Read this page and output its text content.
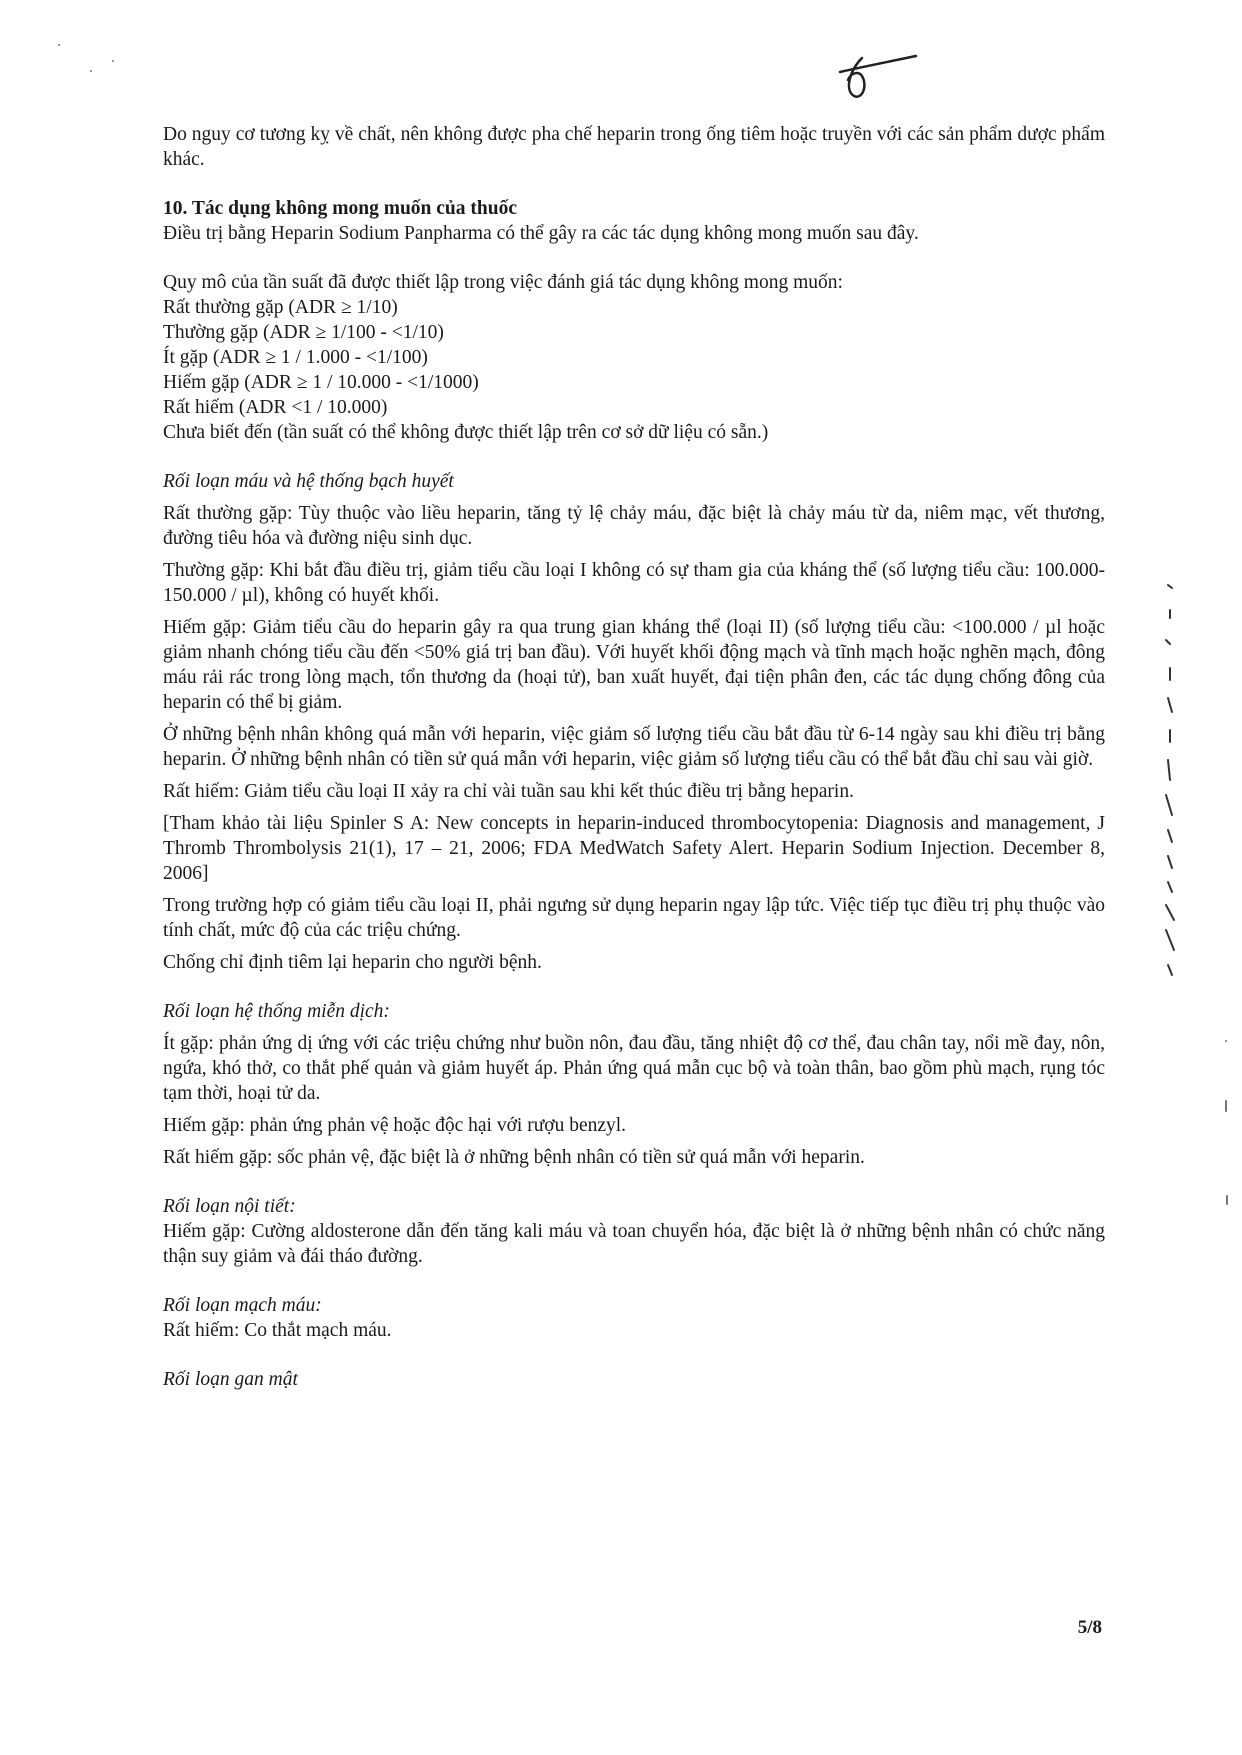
Do nguy cơ tương kỵ về chất, nên không được pha chế heparin trong ống tiêm hoặc truyền với các sản phẩm dược phẩm khác.

10. Tác dụng không mong muốn của thuốc

Điều trị bằng Heparin Sodium Panpharma có thể gây ra các tác dụng không mong muốn sau đây.

Quy mô của tần suất đã được thiết lập trong việc đánh giá tác dụng không mong muốn:

Rất thường gặp (ADR ≥ 1/10)

Thường gặp (ADR ≥ 1/100 - <1/10)

Ít gặp (ADR ≥ 1 / 1.000 - <1/100)

Hiếm gặp (ADR ≥ 1 / 10.000 - <1/1000)

Rất hiếm (ADR <1 / 10.000)

Chưa biết đến (tần suất có thể không được thiết lập trên cơ sở dữ liệu có sẵn.)

Rối loạn máu và hệ thống bạch huyết

Rất thường gặp: Tùy thuộc vào liều heparin, tăng tỷ lệ chảy máu, đặc biệt là chảy máu từ da, niêm mạc, vết thương, đường tiêu hóa và đường niệu sinh dục.

Thường gặp: Khi bắt đầu điều trị, giảm tiểu cầu loại I không có sự tham gia của kháng thể (số lượng tiểu cầu: 100.000-150.000 / µl), không có huyết khối.

Hiếm gặp: Giảm tiểu cầu do heparin gây ra qua trung gian kháng thể (loại II) (số lượng tiểu cầu: <100.000 / µl hoặc giảm nhanh chóng tiểu cầu đến <50% giá trị ban đầu). Với huyết khối động mạch và tĩnh mạch hoặc nghẽn mạch, đông máu rải rác trong lòng mạch, tổn thương da (hoại tử), ban xuất huyết, đại tiện phân đen, các tác dụng chống đông của heparin có thể bị giảm.

Ở những bệnh nhân không quá mẫn với heparin, việc giảm số lượng tiểu cầu bắt đầu từ 6-14 ngày sau khi điều trị bằng heparin. Ở những bệnh nhân có tiền sử quá mẫn với heparin, việc giảm số lượng tiểu cầu có thể bắt đầu chỉ sau vài giờ.

Rất hiếm: Giảm tiểu cầu loại II xảy ra chỉ vài tuần sau khi kết thúc điều trị bằng heparin.

[Tham khảo tài liệu Spinler S A: New concepts in heparin-induced thrombocytopenia: Diagnosis and management, J Thromb Thrombolysis 21(1), 17 – 21, 2006; FDA MedWatch Safety Alert. Heparin Sodium Injection. December 8, 2006]

Trong trường hợp có giảm tiểu cầu loại II, phải ngưng sử dụng heparin ngay lập tức. Việc tiếp tục điều trị phụ thuộc vào tính chất, mức độ của các triệu chứng.

Chống chỉ định tiêm lại heparin cho người bệnh.

Rối loạn hệ thống miễn dịch:

Ít gặp: phản ứng dị ứng với các triệu chứng như buồn nôn, đau đầu, tăng nhiệt độ cơ thể, đau chân tay, nổi mề đay, nôn, ngứa, khó thở, co thắt phế quản và giảm huyết áp. Phản ứng quá mẫn cục bộ và toàn thân, bao gồm phù mạch, rụng tóc tạm thời, hoại tử da.

Hiếm gặp: phản ứng phản vệ hoặc độc hại với rượu benzyl.

Rất hiếm gặp: sốc phản vệ, đặc biệt là ở những bệnh nhân có tiền sử quá mẫn với heparin.

Rối loạn nội tiết:

Hiếm gặp: Cường aldosterone dẫn đến tăng kali máu và toan chuyển hóa, đặc biệt là ở những bệnh nhân có chức năng thận suy giảm và đái tháo đường.

Rối loạn mạch máu:

Rất hiếm: Co thắt mạch máu.

Rối loạn gan mật

5/8
